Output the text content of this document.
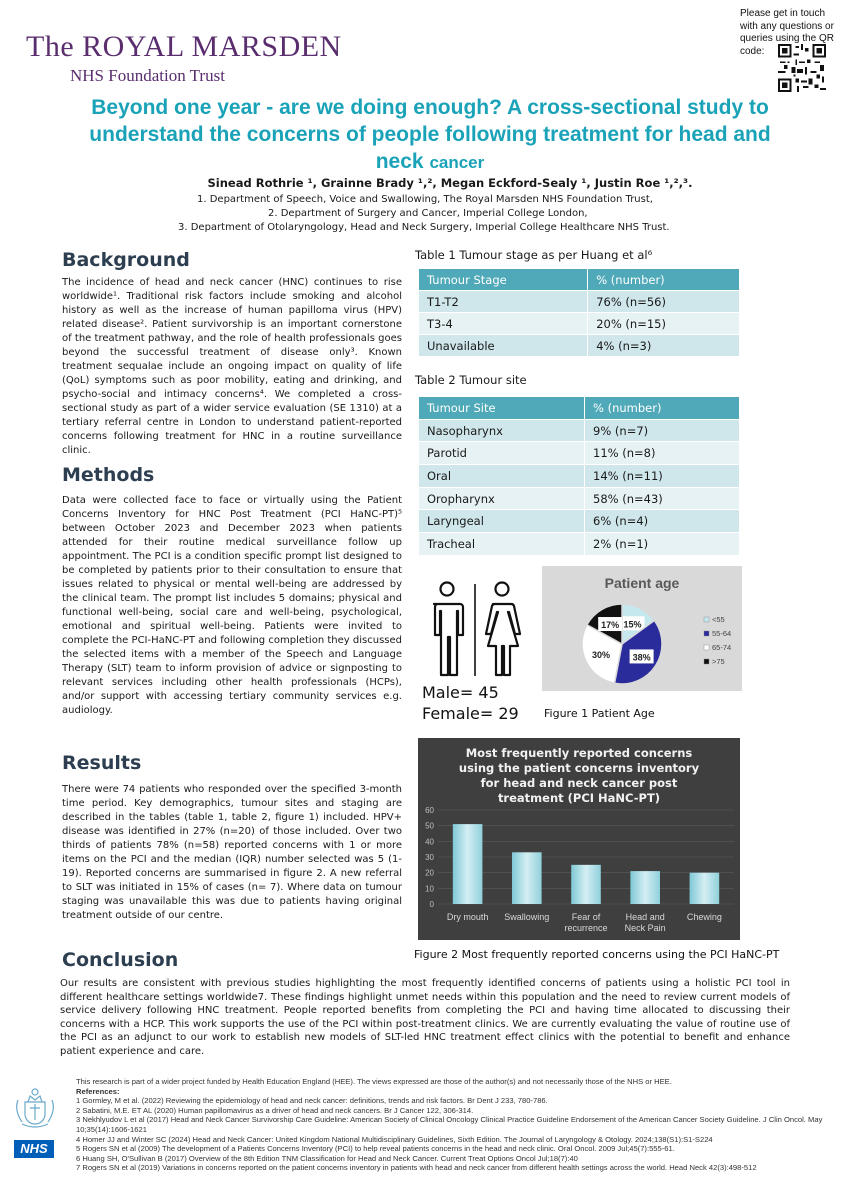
The ROYAL MARSDEN
NHS Foundation Trust
Please get in touch with any questions or queries using the QR code:
Beyond one year - are we doing enough? A cross-sectional study to
understand the concerns of people following treatment for head and
neck cancer
Sinead Rothrie ¹, Grainne Brady ¹,², Megan Eckford-Sealy ¹, Justin Roe ¹,²,³.
1. Department of Speech, Voice and Swallowing, The Royal Marsden NHS Foundation Trust,
2. Department of Surgery and Cancer, Imperial College London,
3. Department of Otolaryngology, Head and Neck Surgery, Imperial College Healthcare NHS Trust.
Background
The incidence of head and neck cancer (HNC) continues to rise worldwide¹. Traditional risk factors include smoking and alcohol history as well as the increase of human papilloma virus (HPV) related disease². Patient survivorship is an important cornerstone of the treatment pathway, and the role of health professionals goes beyond the successful treatment of disease only³. Known treatment sequalae include an ongoing impact on quality of life (QoL) symptoms such as poor mobility, eating and drinking, and psycho-social and intimacy concerns⁴. We completed a cross-sectional study as part of a wider service evaluation (SE 1310) at a tertiary referral centre in London to understand patient-reported concerns following treatment for HNC in a routine surveillance clinic.
Methods
Data were collected face to face or virtually using the Patient Concerns Inventory for HNC Post Treatment (PCI HaNC-PT)⁵ between October 2023 and December 2023 when patients attended for their routine medical surveillance follow up appointment. The PCI is a condition specific prompt list designed to be completed by patients prior to their consultation to ensure that issues related to physical or mental well-being are addressed by the clinical team. The prompt list includes 5 domains; physical and functional well-being, social care and well-being, psychological, emotional and spiritual well-being. Patients were invited to complete the PCI-HaNC-PT and following completion they discussed the selected items with a member of the Speech and Language Therapy (SLT) team to inform provision of advice or signposting to relevant services including other health professionals (HCPs), and/or support with accessing tertiary community services e.g. audiology.
Results
There were 74 patients who responded over the specified 3-month time period. Key demographics, tumour sites and staging are described in the tables (table 1, table 2, figure 1) included. HPV+ disease was identified in 27% (n=20) of those included. Over two thirds of patients 78% (n=58) reported concerns with 1 or more items on the PCI and the median (IQR) number selected was 5 (1-19). Reported concerns are summarised in figure 2. A new referral to SLT was initiated in 15% of cases (n= 7). Where data on tumour staging was unavailable this was due to patients having original treatment outside of our centre.
Conclusion
Our results are consistent with previous studies highlighting the most frequently identified concerns of patients using a holistic PCI tool in different healthcare settings worldwide7. These findings highlight unmet needs within this population and the need to review current models of service delivery following HNC treatment. People reported benefits from completing the PCI and having time allocated to discussing their concerns with a HCP. This work supports the use of the PCI within post-treatment clinics. We are currently evaluating the value of routine use of the PCI as an adjunct to our work to establish new models of SLT-led HNC treatment effect clinics with the potential to benefit and enhance patient experience and care.
Table 1 Tumour stage as per Huang et al⁶
Tumour Stage	% (number)
T1-T2	76% (n=56)
T3-4	20% (n=15)
Unavailable	4% (n=3)
Table 2 Tumour site
Tumour Site	% (number)
Nasopharynx	9% (n=7)
Parotid	11% (n=8)
Oral	14% (n=11)
Oropharynx	58% (n=43)
Laryngeal	6% (n=4)
Tracheal	2% (n=1)
Male= 45
Female= 29
Patient age
15%
38%
30%
17%
<55
55-64
65-74
>75
Figure 1 Patient Age
Most frequently reported concerns
using the patient concerns inventory
for head and neck cancer post
treatment (PCI HaNC-PT)
0
10
20
30
40
50
60
Dry mouth Swallowing Fear of
recurrence
Head and
Neck Pain
Chewing
Figure 2 Most frequently reported concerns using the PCI HaNC-PT
NHS
This research is part of a wider project funded by Health Education England (HEE). The views expressed are those of the author(s) and not necessarily those of the NHS or HEE.
References:
1 Gormley, M et al. (2022) Reviewing the epidemiology of head and neck cancer: definitions, trends and risk factors. Br Dent J 233, 780-786.
2 Sabatini, M.E. ET AL (2020) Human papillomavirus as a driver of head and neck cancers. Br J Cancer 122, 306-314.
3 Nekhlyudov L et al (2017) Head and Neck Cancer Survivorship Care Guideline: American Society of Clinical Oncology Clinical Practice Guideline Endorsement of the American Cancer Society Guideline. J Clin Oncol. May 10;35(14):1606-1621
4 Homer JJ and Winter SC (2024) Head and Neck Cancer: United Kingdom National Multidisciplinary Guidelines, Sixth Edition. The Journal of Laryngology & Otology. 2024;138(S1):S1-S224
5 Rogers SN et al (2009) The development of a Patients Concerns Inventory (PCI) to help reveal patients concerns in the head and neck clinic. Oral Oncol. 2009 Jul;45(7):555-61.
6 Huang SH, O'Sullivan B (2017) Overview of the 8th Edition TNM Classification for Head and Neck Cancer. Current Treat Options Oncol Jul;18(7):40
7 Rogers SN et al (2019) Variations in concerns reported on the patient concerns inventory in patients with head and neck cancer from different health settings across the world. Head Neck 42(3):498-512
